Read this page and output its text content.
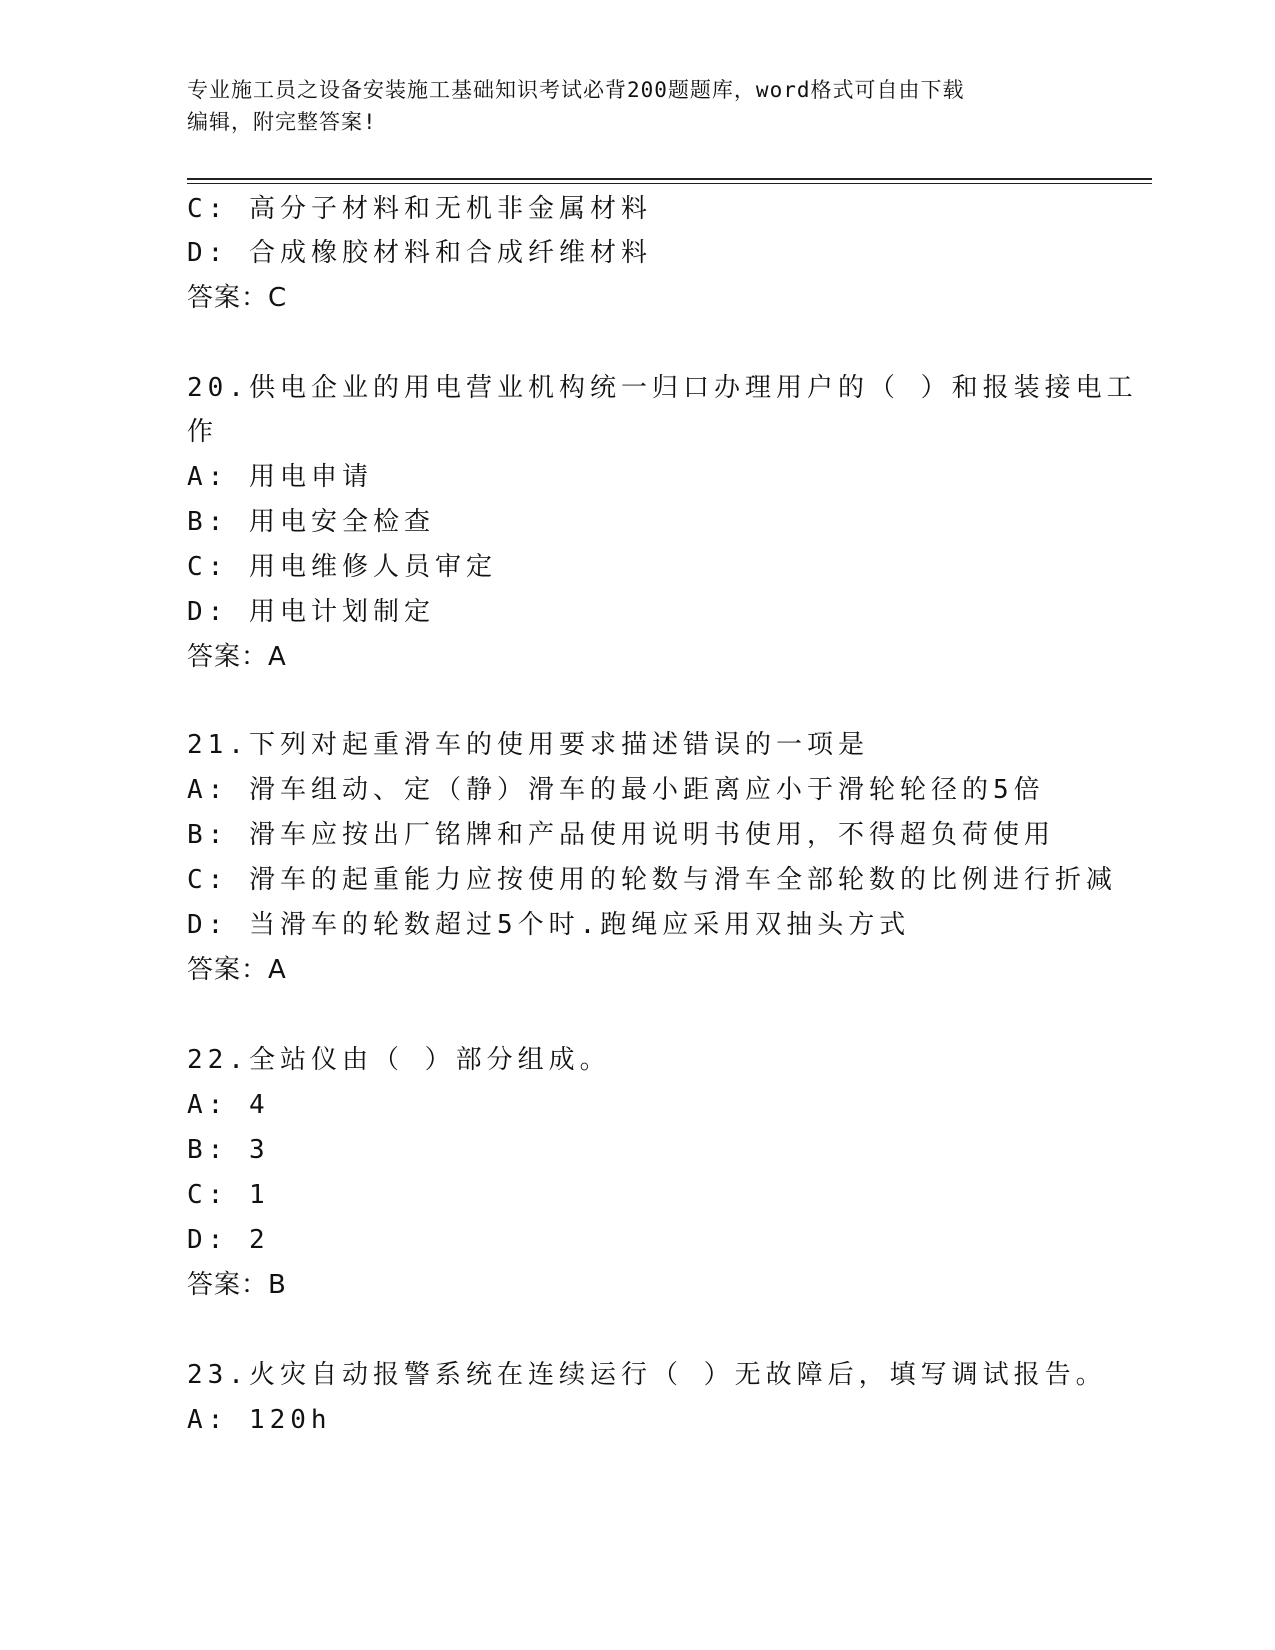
专业施工员之设备安装施工基础知识考试必背200题题库，word格式可自由下载
编辑，附完整答案!
C: 高分子材料和无机非金属材料
D: 合成橡胶材料和合成纤维材料
答案：C
20.供电企业的用电营业机构统一归口办理用户的（ ）和报装接电工
作
A: 用电申请
B: 用电安全检查
C: 用电维修人员审定
D: 用电计划制定
答案：A
21.下列对起重滑车的使用要求描述错误的一项是
A: 滑车组动、定（静）滑车的最小距离应小于滑轮轮径的5倍
B: 滑车应按出厂铭牌和产品使用说明书使用，不得超负荷使用
C: 滑车的起重能力应按使用的轮数与滑车全部轮数的比例进行折减
D: 当滑车的轮数超过5个时.跑绳应采用双抽头方式
答案：A
22.全站仪由（ ）部分组成。
A: 4
B: 3
C: 1
D: 2
答案：B
23.火灾自动报警系统在连续运行（ ）无故障后，填写调试报告。
A: 120h
